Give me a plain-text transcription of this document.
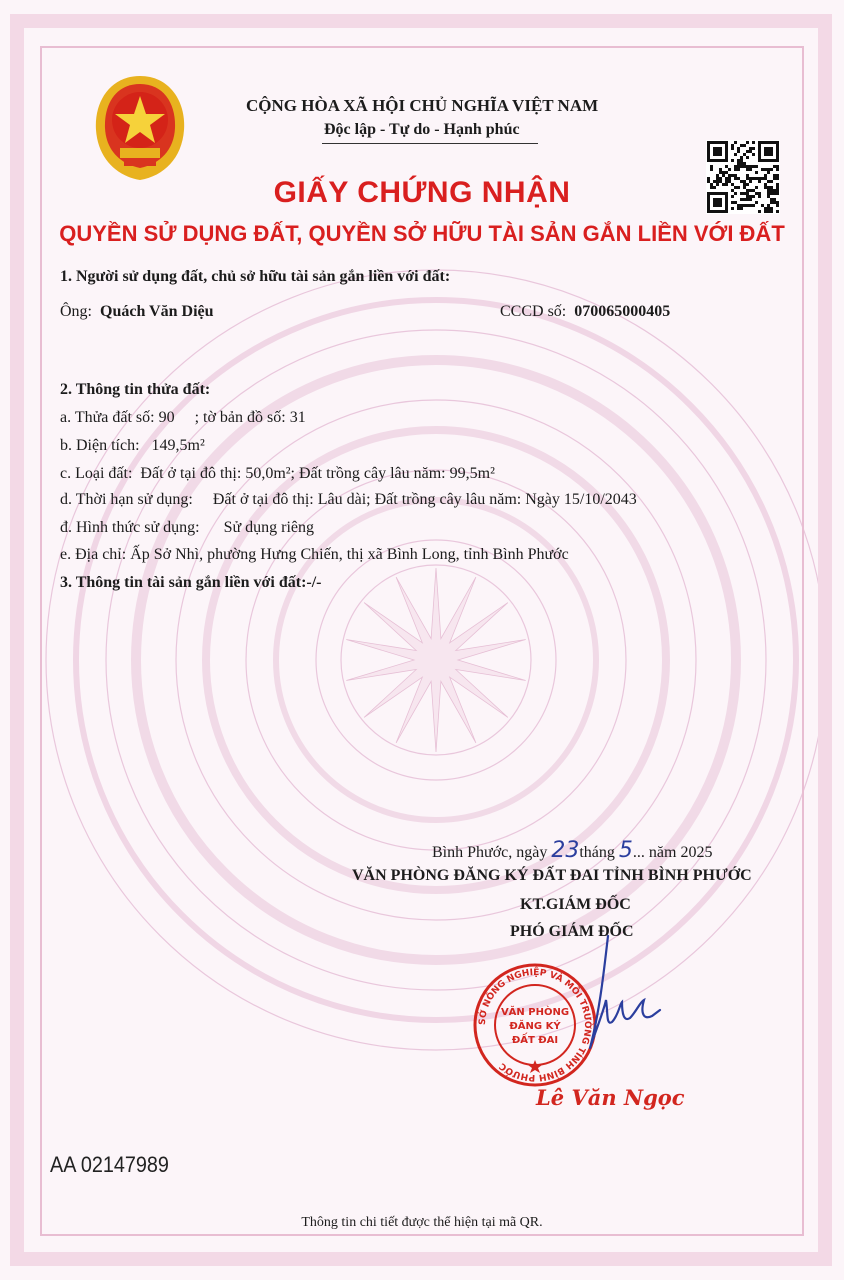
CỘNG HÒA XÃ HỘI CHỦ NGHĨA VIỆT NAM
Độc lập - Tự do - Hạnh phúc
GIẤY CHỨNG NHẬN
QUYỀN SỬ DỤNG ĐẤT, QUYỀN SỞ HỮU TÀI SẢN GẮN LIỀN VỚI ĐẤT
1. Người sử dụng đất, chủ sở hữu tài sản gắn liền với đất:
Ông: Quách Văn Diệu	CCCD số: 070065000405
2. Thông tin thửa đất:
a. Thửa đất số: 90 ; tờ bản đồ số: 31
b. Diện tích: 149,5m²
c. Loại đất: Đất ở tại đô thị: 50,0m²; Đất trồng cây lâu năm: 99,5m²
d. Thời hạn sử dụng: Đất ở tại đô thị: Lâu dài; Đất trồng cây lâu năm: Ngày 15/10/2043
đ. Hình thức sử dụng: Sử dụng riêng
e. Địa chỉ: Ấp Sở Nhì, phường Hưng Chiến, thị xã Bình Long, tỉnh Bình Phước
3. Thông tin tài sản gắn liền với đất:-/-
Bình Phước, ngày 23tháng 5... năm 2025
VĂN PHÒNG ĐĂNG KÝ ĐẤT ĐAI TỈNH BÌNH PHƯỚC
KT.GIÁM ĐỐC
PHÓ GIÁM ĐỐC
SỞ NÔNG NGHIỆP VÀ MÔI TRƯỜNG TỈNH BÌNH PHƯỚC
VĂN PHÒNG
ĐĂNG KÝ
ĐẤT ĐAI
Lê Văn Ngọc
AA 02147989
Thông tin chi tiết được thể hiện tại mã QR.
